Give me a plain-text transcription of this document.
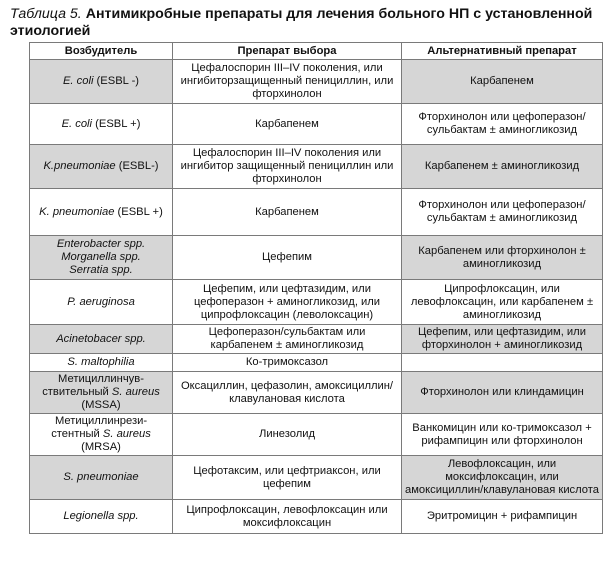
Таблица 5. Антимикробные препараты для лечения больного НП с установленной этиологией
Возбудитель	Препарат выбора	Альтернативный препарат
E. coli (ESBL -)	Цефалоспорин III–IV поколения, или ингибиторзащищенный пенициллин, или фторхинолон	Карбапенем
E. coli (ESBL +)	Карбапенем	Фторхинолон или цефоперазон/сульбактам ± аминогликозид
K.pneumoniae (ESBL-)	Цефалоспорин III–IV поколения или ингибитор защищенный пенициллин или фторхинолон	Карбапенем ± аминогликозид
K. pneumoniae (ESBL +)	Карбапенем	Фторхинолон или цефоперазон/сульбактам ± аминогликозид
Enterobacter spp.
Morganella spp.
Serratia spp.	Цефепим	Карбапенем или фторхинолон ± аминогликозид
P. aeruginosa	Цефепим, или цефтазидим, или цефоперазон + аминогликозид, или ципрофлоксацин (леволоксацин)	Ципрофлоксацин, или левофлоксацин, или карбапенем ± аминогликозид
Acinetobacer spp.	Цефоперазон/сульбактам или карбапенем ± аминогликозид	Цефепим, или цефтазидим, или фторхинолон + аминогликозид
S. maltophilia	Ко-тримоксазол	
Метициллинчув-
ствительный S. aureus
(MSSA)	Оксациллин, цефазолин, амоксициллин/клавулановая кислота	Фторхинолон или клиндамицин
Метициллинрези-
стентный S. aureus
(MRSA)	Линезолид	Ванкомицин или ко-тримоксазол + рифампицин или фторхинолон
S. pneumoniae	Цефотаксим, или цефтриаксон, или цефепим	Левофлоксацин, или моксифлоксацин, или амоксициллин/клавулановая кислота
Legionella spp.	Ципрофлоксацин, левофлоксацин или моксифлоксацин	Эритромицин + рифампицин
